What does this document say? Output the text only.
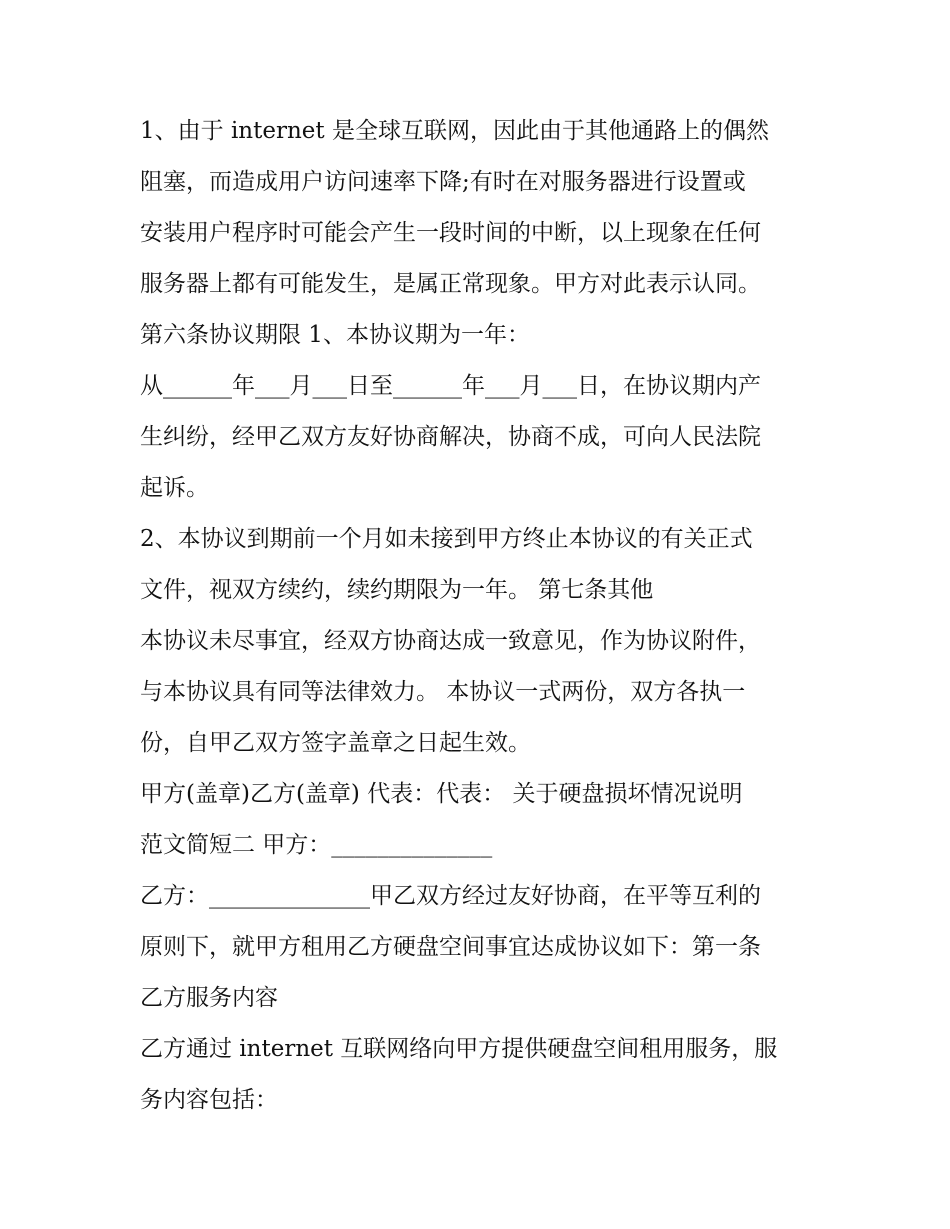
1、由于 internet 是全球互联网，因此由于其他通路上的偶然
阻塞，而造成用户访问速率下降;有时在对服务器进行设置或
安装用户程序时可能会产生一段时间的中断，以上现象在任何
服务器上都有可能发生，是属正常现象。甲方对此表示认同。
第六条协议期限 1、本协议期为一年：
从______年___月___日至______年___月___日，在协议期内产
生纠纷，经甲乙双方友好协商解决，协商不成，可向人民法院
起诉。
2、本协议到期前一个月如未接到甲方终止本协议的有关正式
文件，视双方续约，续约期限为一年。 第七条其他
本协议未尽事宜，经双方协商达成一致意见，作为协议附件，
与本协议具有同等法律效力。 本协议一式两份，双方各执一
份，自甲乙双方签字盖章之日起生效。
甲方(盖章)乙方(盖章) 代表：代表： 关于硬盘损坏情况说明
范文简短二 甲方：______________
乙方：______________甲乙双方经过友好协商，在平等互利的
原则下，就甲方租用乙方硬盘空间事宜达成协议如下：第一条
乙方服务内容
乙方通过 internet 互联网络向甲方提供硬盘空间租用服务，服
务内容包括：
